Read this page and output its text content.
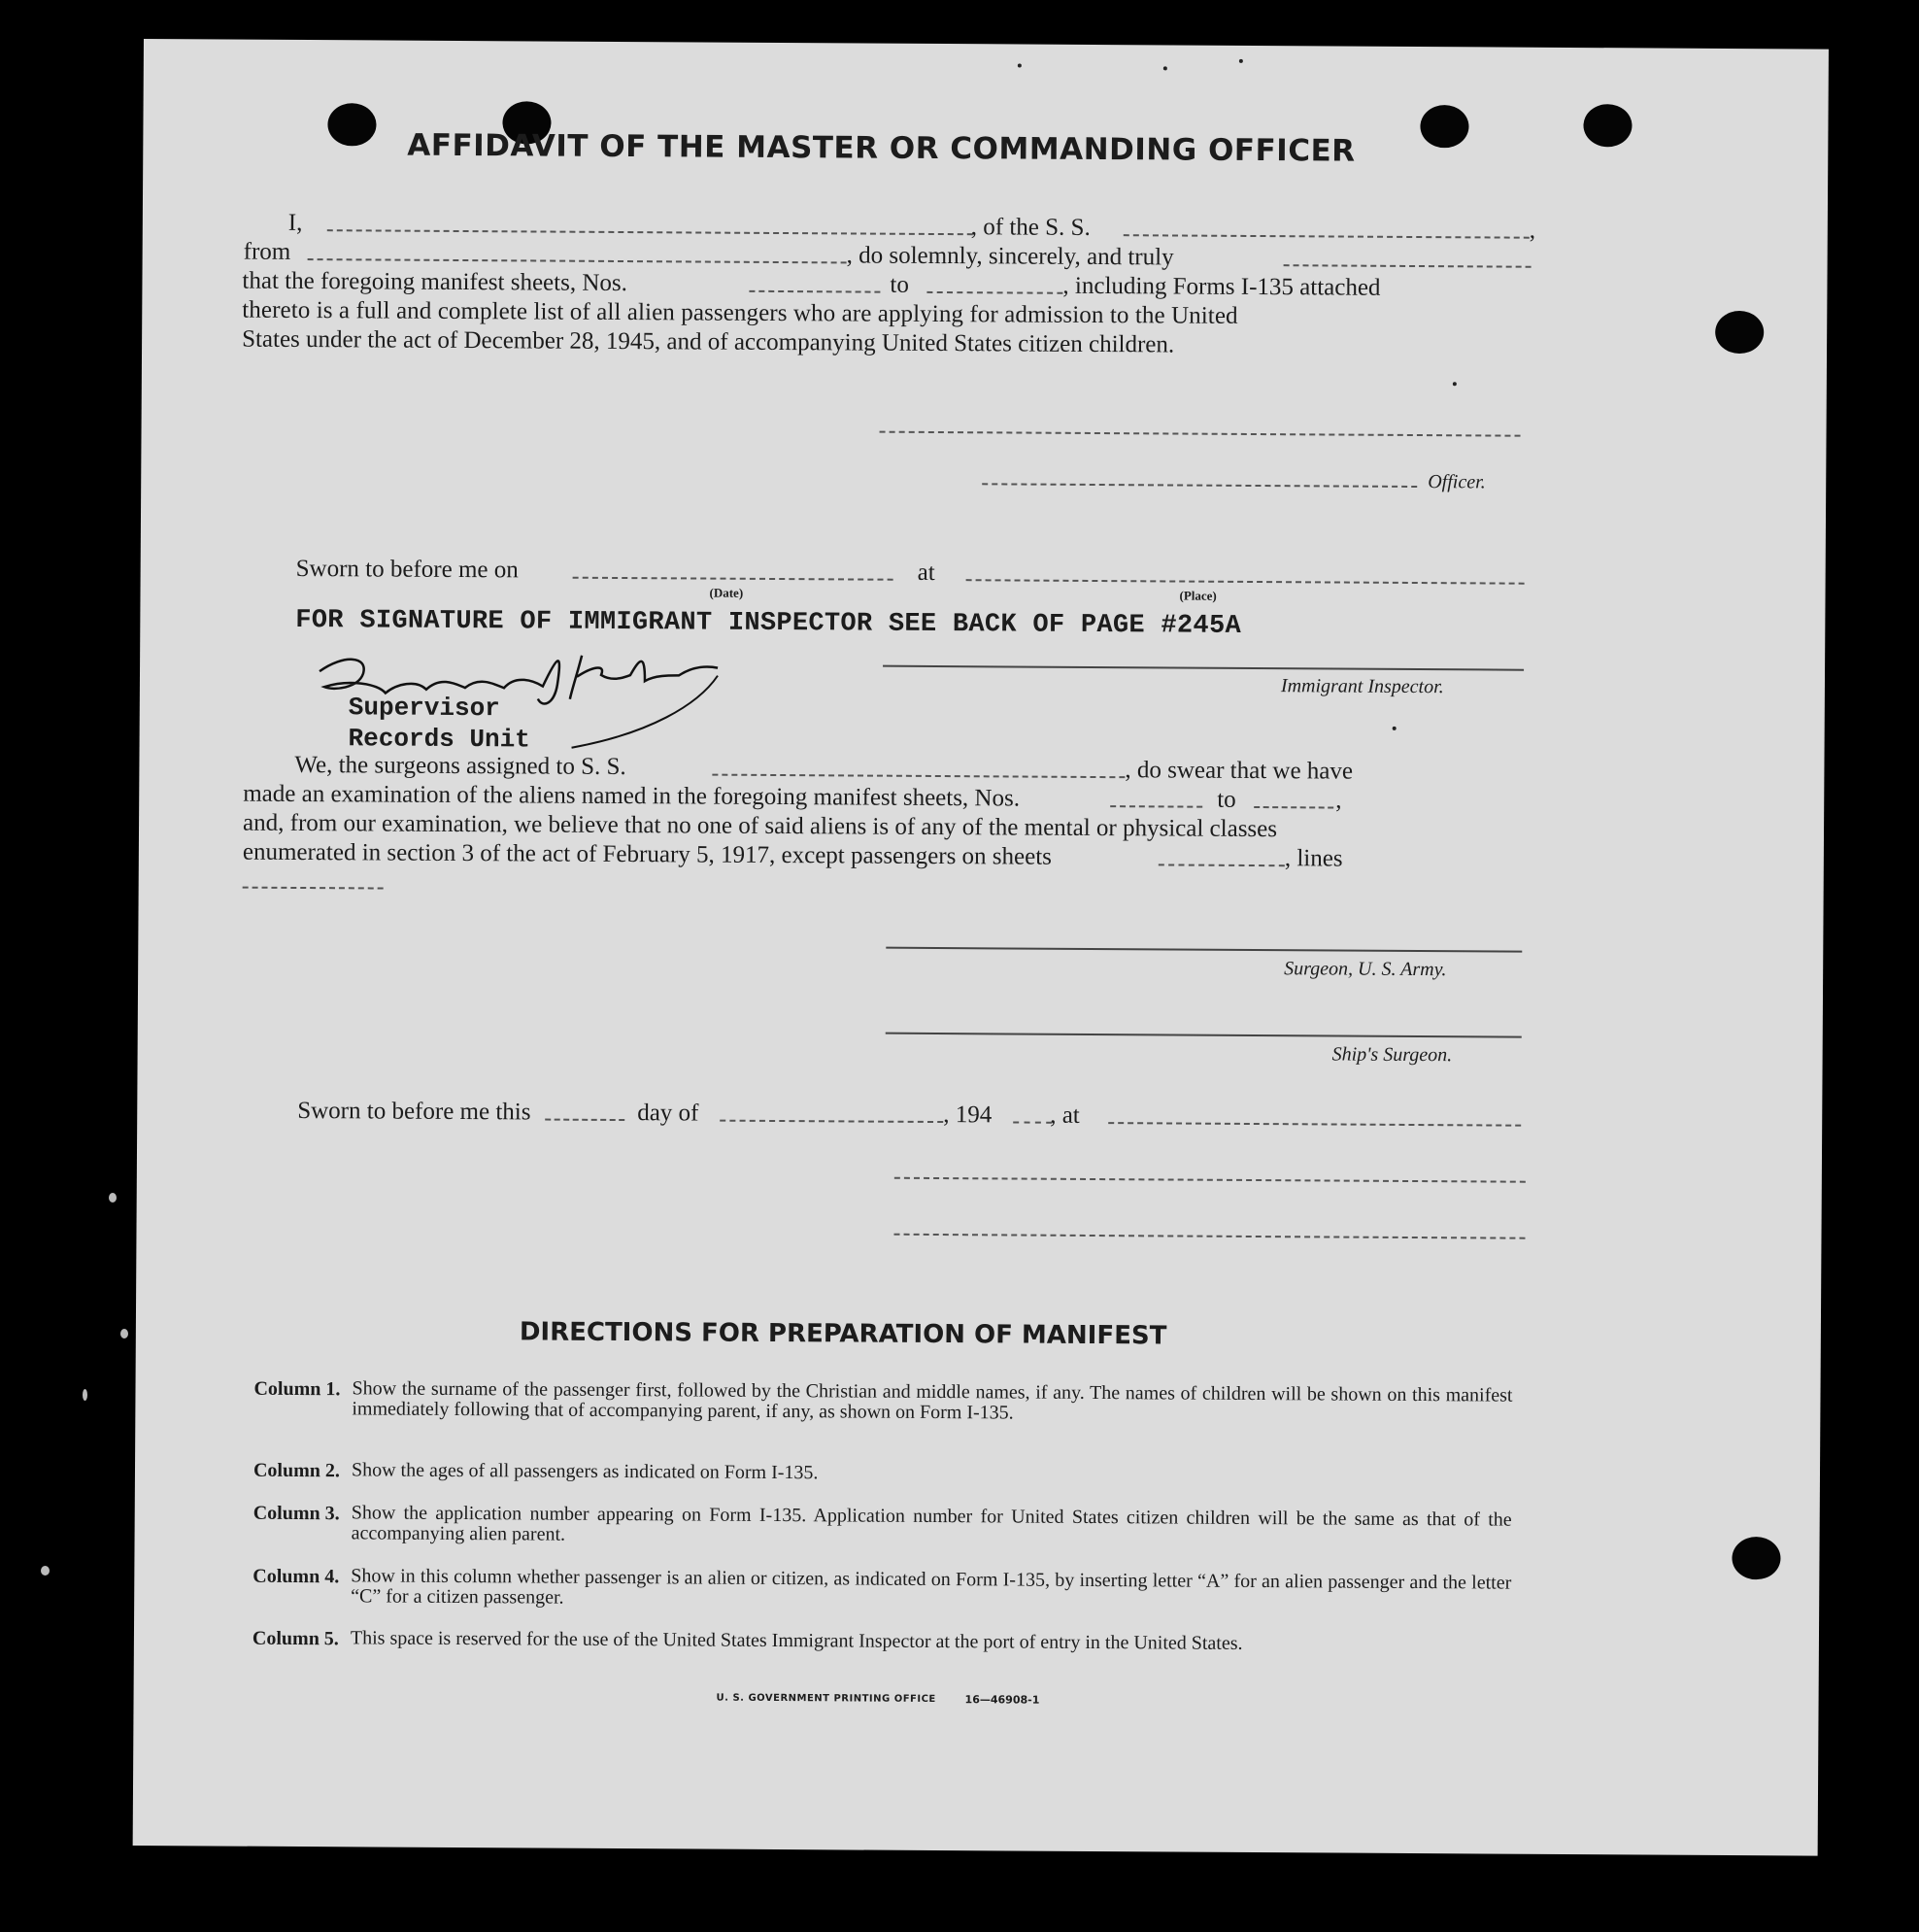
AFFIDAVIT OF THE MASTER OR COMMANDING OFFICER
I,	, of the S. S.	,
from	, do solemnly, sincerely, and truly
that the foregoing manifest sheets, Nos.	to	, including Forms I-135 attached
thereto is a full and complete list of all alien passengers who are applying for admission to the United
States under the act of December 28, 1945, and of accompanying United States citizen children.
Officer.
Sworn to before me on	at
(Date)	(Place)
FOR SIGNATURE OF IMMIGRANT INSPECTOR SEE BACK OF PAGE #245A
Immigrant Inspector.
Supervisor
Records Unit
We, the surgeons assigned to S. S.	, do swear that we have
made an examination of the aliens named in the foregoing manifest sheets, Nos.	to	,
and, from our examination, we believe that no one of said aliens is of any of the mental or physical classes
enumerated in section 3 of the act of February 5, 1917, except passengers on sheets	, lines
Surgeon, U. S. Army.
Ship's Surgeon.
Sworn to before me this	day of	, 194 , at
DIRECTIONS FOR PREPARATION OF MANIFEST
Column 1. Show the surname of the passenger first, followed by the Christian and middle names, if any. The names of children will be shown on this manifest immediately following that of accompanying parent, if any, as shown on Form I-135.
Column 2. Show the ages of all passengers as indicated on Form I-135.
Column 3. Show the application number appearing on Form I-135. Application number for United States citizen children will be the same as that of the accompanying alien parent.
Column 4. Show in this column whether passenger is an alien or citizen, as indicated on Form I-135, by inserting letter “A” for an alien passenger and the letter “C” for a citizen passenger.
Column 5. This space is reserved for the use of the United States Immigrant Inspector at the port of entry in the United States.
U. S. GOVERNMENT PRINTING OFFICE	16—46908-1
